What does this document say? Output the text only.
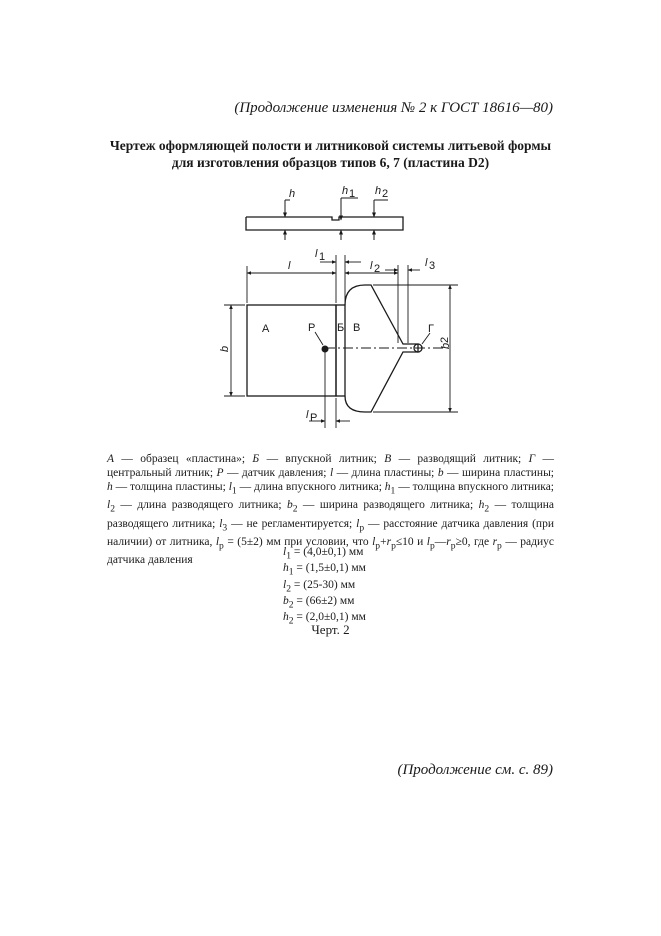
(Продолжение изменения № 2 к ГОСТ 18616—80)
Чертеж оформляющей полости и литниковой системы литьевой формы
для изготовления образцов типов 6, 7 (пластина D2)
h	h 1 h 2
l
l 1
l 2	l 3
b	b
2
l P
А	Р Б В	Г
А — образец «пластина»; Б — впускной литник; В — разводящий литник; Г — центральный литник; Р — датчик давления; l — длина пластины; b — ширина пластины; h — толщина пластины; $l_1$ — длина впускного литника; $h_1$ — толщина впускного литника; $l_2$ — длина разводящего литника; $b_2$ — ширина разводящего литника; $h_2$ — толщина разводящего литника; $l_3$ — не регламентируется; $l_р$ — расстояние датчика давления (при наличии) от литника, $l_р = (5\pm 2)$ мм при условии, что $l_р+r_р\le 10$ и $l_р—r_р\ge 0$, где $r_р$ — радиус датчика давления
$l_1 = (4,0\pm 0,1)$ мм
$h_1 = (1,5\pm 0,1)$ мм
$l_2 = (25-30)$ мм
$b_2 = (66\pm 2)$ мм
$h_2 = (2,0\pm 0,1)$ мм
Черт. 2
(Продолжение см. с. 89)
